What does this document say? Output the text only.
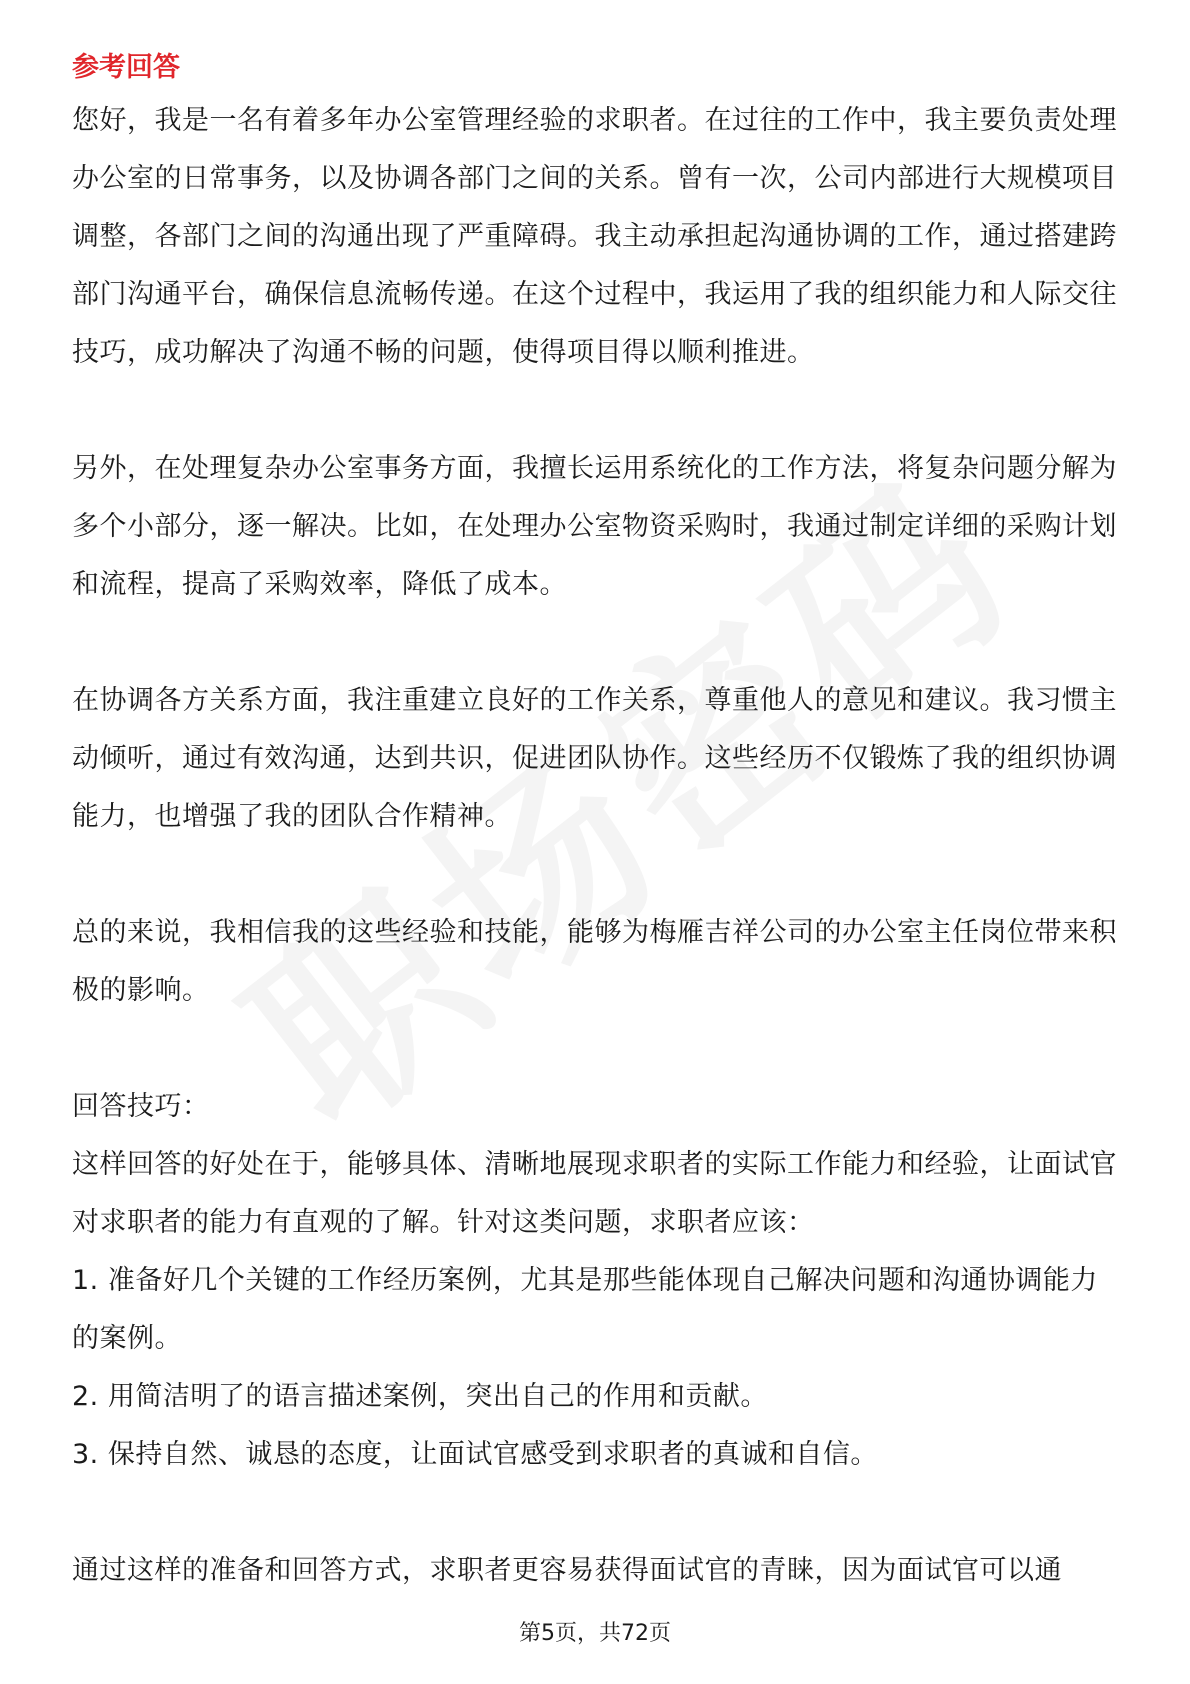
参考回答

您好，我是一名有着多年办公室管理经验的求职者。在过往的工作中，我主要负责处理办公室的日常事务，以及协调各部门之间的关系。曾有一次，公司内部进行大规模项目调整，各部门之间的沟通出现了严重障碍。我主动承担起沟通协调的工作，通过搭建跨部门沟通平台，确保信息流畅传递。在这个过程中，我运用了我的组织能力和人际交往技巧，成功解决了沟通不畅的问题，使得项目得以顺利推进。

另外，在处理复杂办公室事务方面，我擅长运用系统化的工作方法，将复杂问题分解为多个小部分，逐一解决。比如，在处理办公室物资采购时，我通过制定详细的采购计划和流程，提高了采购效率，降低了成本。

在协调各方关系方面，我注重建立良好的工作关系，尊重他人的意见和建议。我习惯主动倾听，通过有效沟通，达到共识，促进团队协作。这些经历不仅锻炼了我的组织协调能力，也增强了我的团队合作精神。

总的来说，我相信我的这些经验和技能，能够为梅雁吉祥公司的办公室主任岗位带来积极的影响。

回答技巧：

这样回答的好处在于，能够具体、清晰地展现求职者的实际工作能力和经验，让面试官对求职者的能力有直观的了解。针对这类问题，求职者应该：

1. 准备好几个关键的工作经历案例，尤其是那些能体现自己解决问题和沟通协调能力的案例。

2. 用简洁明了的语言描述案例，突出自己的作用和贡献。

3. 保持自然、诚恳的态度，让面试官感受到求职者的真诚和自信。

通过这样的准备和回答方式，求职者更容易获得面试官的青睐，因为面试官可以通

第5页，共72页
